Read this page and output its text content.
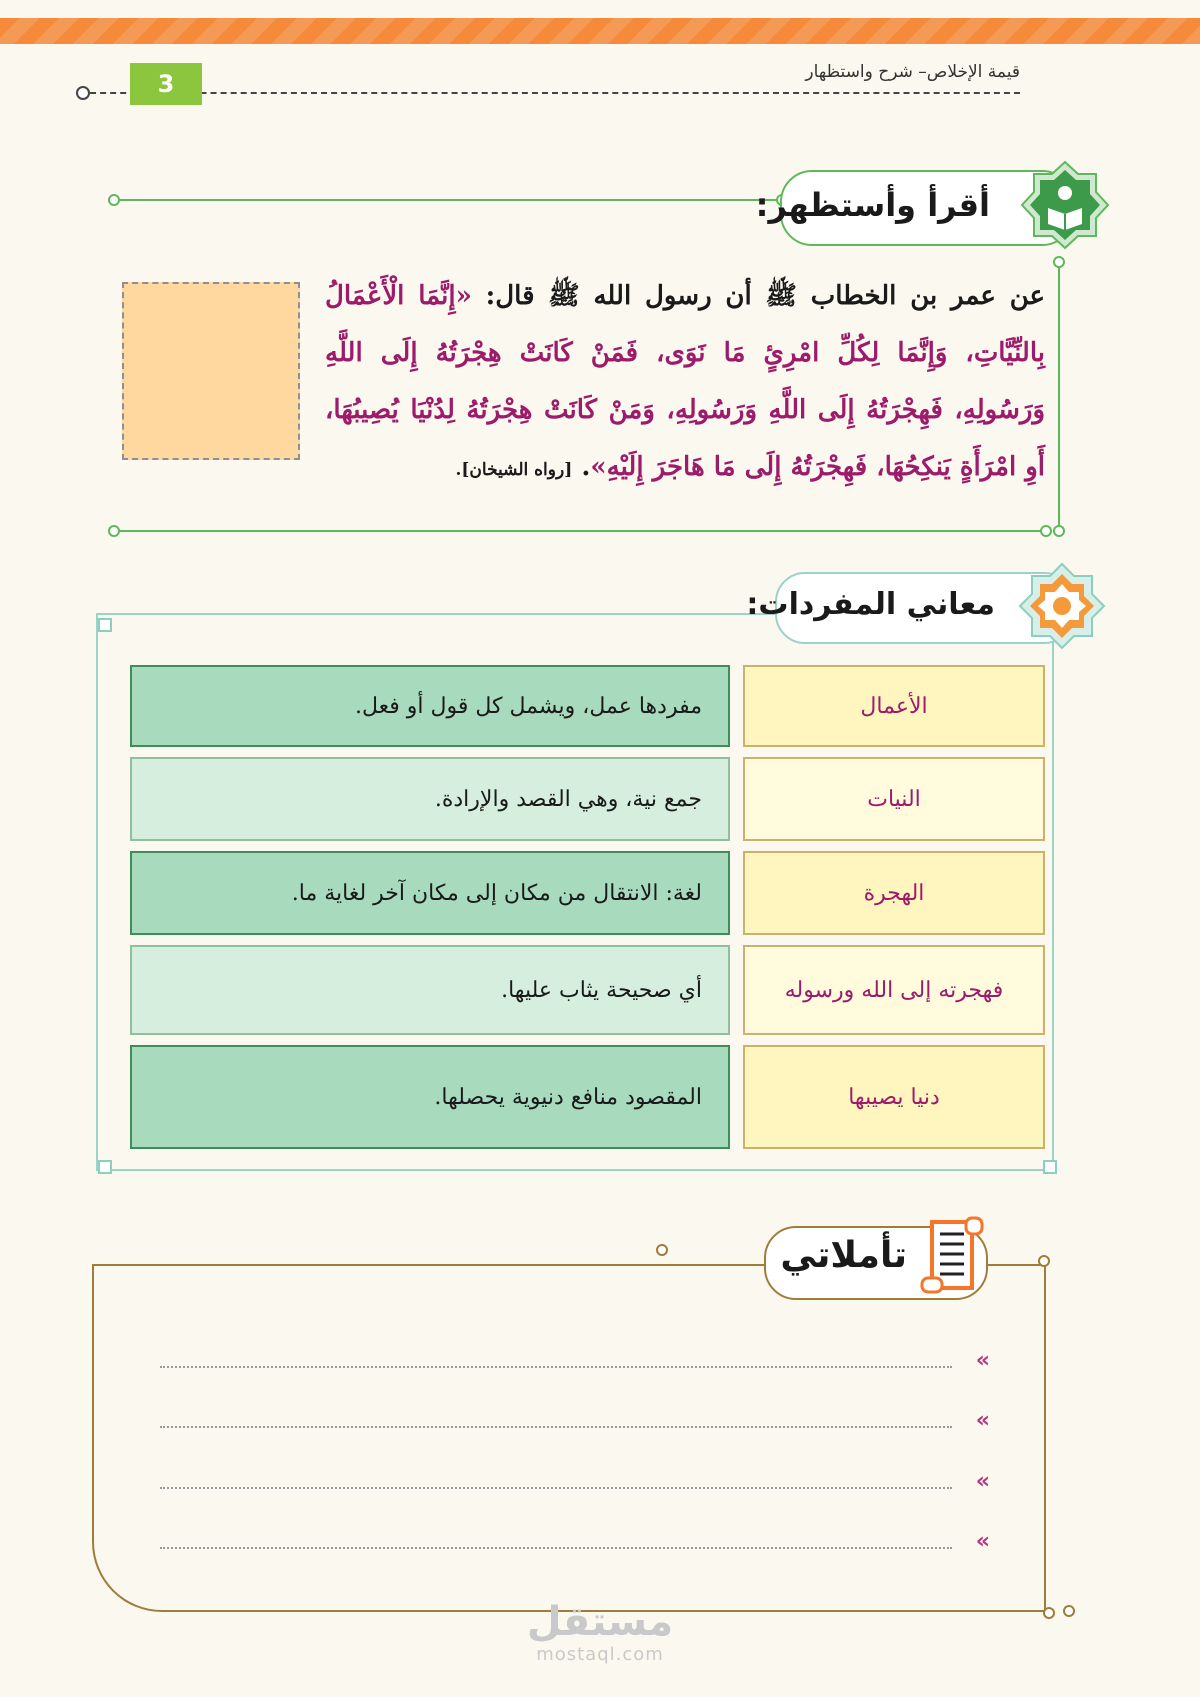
قيمة الإخلاص– شرح واستظهار
3
أقرأ وأستظهر:
عن عمر بن الخطاب ﷺ أن رسول الله ﷺ قال: «إِنَّمَا الْأَعْمَالُ بِالنِّيَّاتِ، وَإِنَّمَا لِكُلِّ امْرِئٍ مَا نَوَى، فَمَنْ كَانَتْ هِجْرَتُهُ إِلَى اللَّهِ وَرَسُولِهِ، فَهِجْرَتُهُ إِلَى اللَّهِ وَرَسُولِهِ، وَمَنْ كَانَتْ هِجْرَتُهُ لِدُنْيَا يُصِيبُهَا، أَوِ امْرَأَةٍ يَنكِحُهَا، فَهِجْرَتُهُ إِلَى مَا هَاجَرَ إِلَيْهِ». [رواه الشيخان].
معاني المفردات:
الأعمال
مفردها عمل، ويشمل كل قول أو فعل.
النيات
جمع نية، وهي القصد والإرادة.
الهجرة
لغة: الانتقال من مكان إلى مكان آخر لغاية ما.
فهجرته إلى الله ورسوله
أي صحيحة يثاب عليها.
دنيا يصيبها
المقصود منافع دنيوية يحصلها.
تأملاتي
»
»
»
»
مستقل
mostaql.com
